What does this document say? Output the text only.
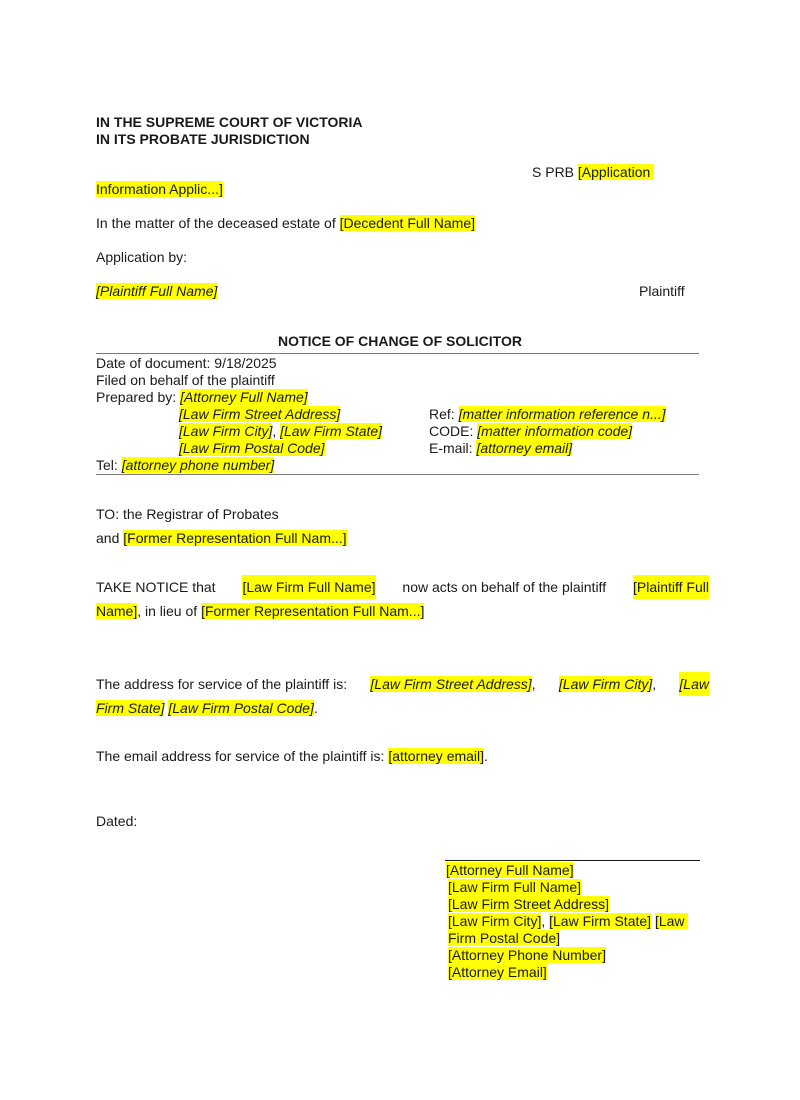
IN THE SUPREME COURT OF VICTORIA
IN ITS PROBATE JURISDICTION
S PRB [Application
Information Applic...]
In the matter of the deceased estate of [Decedent Full Name]
Application by:
[Plaintiff Full Name]	Plaintiff
NOTICE OF CHANGE OF SOLICITOR
Date of document: 9/18/2025
Filed on behalf of the plaintiff
Prepared by: [Attorney Full Name]
[Law Firm Street Address]
[Law Firm City], [Law Firm State]
[Law Firm Postal Code]
Ref: [matter information reference n...]
CODE: [matter information code]
E-mail: [attorney email]
Tel: [attorney phone number]
TO: the Registrar of Probates
and [Former Representation Full Nam...]
TAKE NOTICE that [Law Firm Full Name] now acts on behalf of the plaintiff [Plaintiff Full
Name], in lieu of [Former Representation Full Nam...]
The address for service of the plaintiff is: [Law Firm Street Address], [Law Firm City], [Law
Firm State] [Law Firm Postal Code].
The email address for service of the plaintiff is: [attorney email].
Dated:
[Attorney Full Name]
[Law Firm Full Name]
[Law Firm Street Address]
[Law Firm City], [Law Firm State] [Law
Firm Postal Code]
[Attorney Phone Number]
[Attorney Email]
